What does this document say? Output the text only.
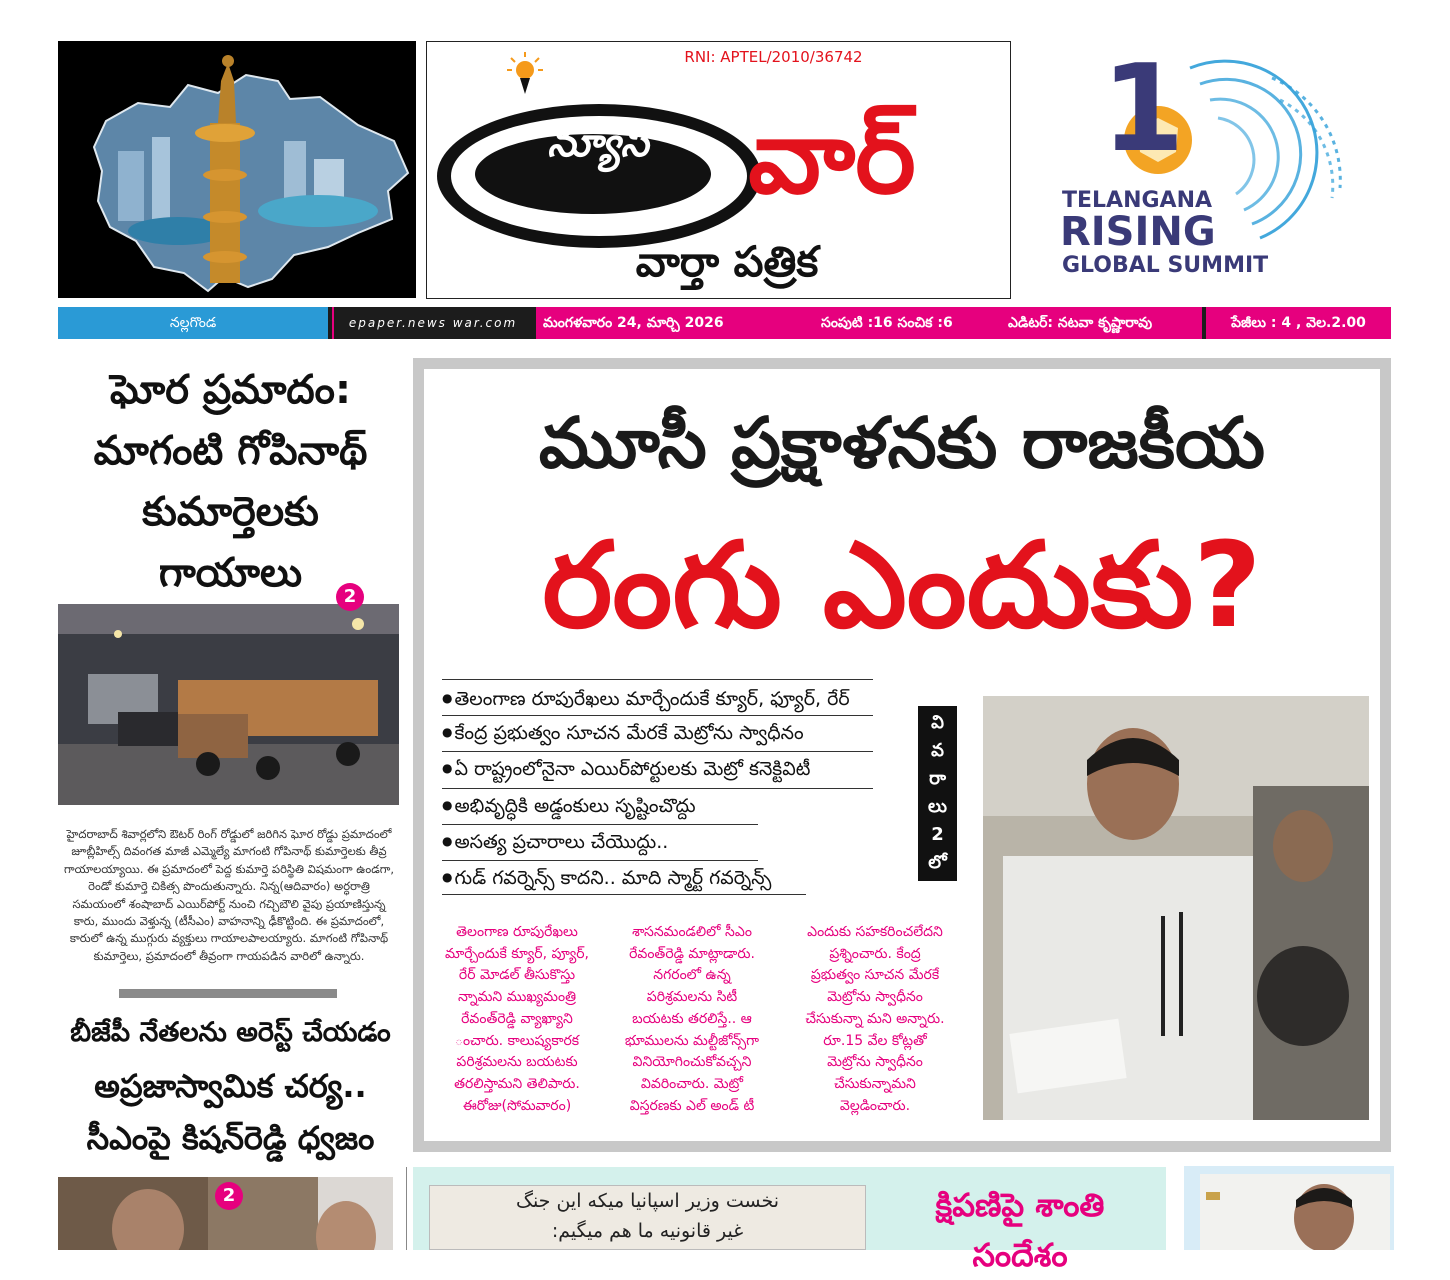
RNI: APTEL/2010/36742
న్యూస్ వార్
వార్తా పత్రిక
1
TELANGANA
RISING
GLOBAL SUMMIT
నల్లగొండ	epaper.news war.com	మంగళవారం 24, మార్చి 2026	సంపుటి :16 సంచిక :6	ఎడిటర్: నటవా కృష్ణారావు	పేజీలు : 4 , వెల.2.00
ఘోర ప్రమాదం:
మాగంటి గోపినాథ్
కుమార్తెలకు
గాయాలు
2
హైదరాబాద్ శివార్లలోని ఔటర్ రింగ్ రోడ్డులో జరిగిన ఘోర రోడ్డు ప్రమాదంలో జూబ్లీహిల్స్ దివంగత మాజీ ఎమ్మెల్యే మాగంటి గోపినాథ్ కుమార్తెలకు తీవ్ర గాయాలయ్యాయి. ఈ ప్రమాదంలో పెద్ద కుమార్తె పరిస్థితి విషమంగా ఉండగా, రెండో కుమార్తె చికిత్స పొందుతున్నారు. నిన్న(ఆదివారం) అర్ధరాత్రి సమయంలో శంషాబాద్ ఎయిర్‌పోర్ట్ నుంచి గచ్చిబౌలి వైపు ప్రయాణిస్తున్న కారు, ముందు వెళ్తున్న (టీసీఎం) వాహనాన్ని ఢీకొట్టింది. ఈ ప్రమాదంలో, కారులో ఉన్న ముగ్గురు వ్యక్తులు గాయాలపాలయ్యారు. మాగంటి గోపినాథ్ కుమార్తెలు, ప్రమాదంలో తీవ్రంగా గాయపడిన వారిలో ఉన్నారు.
బీజేపీ నేతలను అరెస్ట్ చేయడం
అప్రజాస్వామిక చర్య..
సీఎంపై కిషన్‌రెడ్డి ధ్వజం
2
మూసీ ప్రక్షాళనకు రాజకీయ
రంగు ఎందుకు?
● తెలంగాణ రూపురేఖలు మార్చేందుకే క్యూర్, ఫ్యూర్, రేర్
● కేంద్ర ప్రభుత్వం సూచన మేరకే మెట్రోను స్వాధీనం
● ఏ రాష్ట్రంలోనైనా ఎయిర్‌పోర్టులకు మెట్రో కనెక్టివిటీ
● అభివృద్ధికి అడ్డంకులు సృష్టించొద్దు
● అసత్య ప్రచారాలు చేయొద్దు..
● గుడ్ గవర్నెన్స్ కాదని.. మాది స్మార్ట్ గవర్నెన్స్
వి
వ
రా
లు
2
లో
తెలంగాణ రూపురేఖలు
మార్చేందుకే క్యూర్, ప్యూర్,
రేర్ మోడల్ తీసుకొస్తు
న్నామని ముఖ్యమంత్రి
రేవంత్‌రెడ్డి వ్యాఖ్యాని
ంచారు. కాలుష్యకారక
పరిశ్రమలను బయటకు
తరలిస్తామని తెలిపారు.
ఈరోజు(సోమవారం)
శాసనమండలిలో సీఎం
రేవంత్‌రెడ్డి మాట్లాడారు.
నగరంలో ఉన్న
పరిశ్రమలను సిటీ
బయటకు తరలిస్తే.. ఆ
భూములను మల్టీజోన్స్‌గా
వినియోగించుకోవచ్చని
వివరించారు. మెట్రో
విస్తరణకు ఎల్ అండ్ టీ
ఎందుకు సహకరించలేదని
ప్రశ్నించారు. కేంద్ర
ప్రభుత్వం సూచన మేరకే
మెట్రోను స్వాధీనం
చేసుకున్నా మని అన్నారు.
రూ.15 వేల కోట్లతో
మెట్రోను స్వాధీనం
చేసుకున్నామని
వెల్లడించారు.
نخست وزیر اسپانیا میکه این جنگ
غیر قانونیه ما هم میگیم:
క్షిపణిపై శాంతి
సందేశం
